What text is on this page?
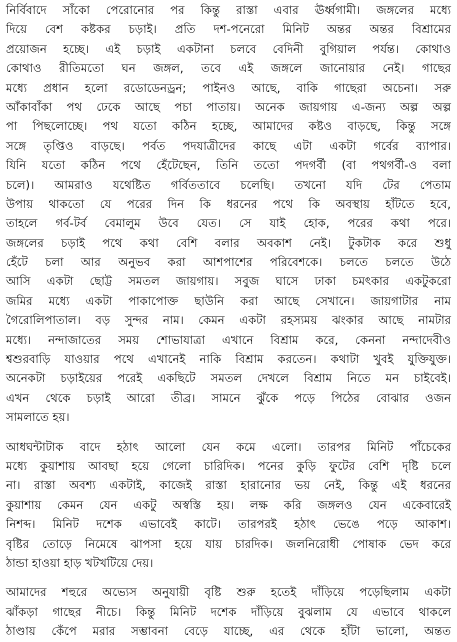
নির্বিবাদে সাঁকো পেরোনোর পর কিন্তু রাস্তা এবার ঊর্ধ্বগামী। জঙ্গলের মধ্যে
দিয়ে বেশ কষ্টকর চড়াই। প্রতি দশ-পনেরো মিনিট অন্তর অন্তর বিশ্রামের
প্রয়োজন হচ্ছে। এই চড়াই একটানা চলবে বেদিনী বুগিয়াল পর্যন্ত। কোথাও
কোথাও রীতিমতো ঘন জঙ্গল, তবে এই জঙ্গলে জানোয়ার নেই। গাছের
মধ্যে প্রধান হলো রডোডেনড্রন; পাইনও আছে, বাকি গাছেরা অচেনা। সরু
আঁকাবাঁকা পথ ঢেকে আছে পচা পাতায়। অনেক জায়গায় এ-জন্য অল্প অল্প
পা পিছলোচ্ছে। পথ যতো কঠিন হচ্ছে, আমাদের কষ্টও বাড়ছে, কিন্তু সঙ্গে
সঙ্গে তৃপ্তিও বাড়ছে। পর্বত পদযাত্রীদের কাছে এটা একটা গর্বের ব্যাপার।
যিনি যতো কঠিন পথে হেঁটেছেন, তিনি ততো পদগর্বী (বা পথগর্বী-ও বলা
চলে)। আমরাও যথেষ্টিত গর্বিততাবে চলেছি। তখনো যদি টের পেতাম
উপায় থাকতো যে পরের দিন কি ধরনের পথে কি অবস্থায় হাঁটতে হবে,
তাহলে গর্ব-টর্ব বেমালুম উবে যেত। সে যাই হোক, পরের কথা পরে।
জঙ্গলের চড়াই পথে কথা বেশি বলার অবকাশ নেই। টুকটাক করে শুধু
হেঁটে চলা আর অনুভব করা আশপাশের পরিবেশকে। চলতে চলতে উঠে
আসি একটা ছোট্ট সমতল জায়গায়। সবুজ ঘাসে ঢাকা চমৎকার একটুকরো
জমির মধ্যে একটা পাকাপোক্ত ছাউনি করা আছে সেখানে। জায়গাটার নাম
গৈরোলিপাতাল। বড় সুন্দর নাম। কেমন একটা রহস্যময় ঝংকার আছে নামটার
মধ্যে। নন্দাজাতের সময় শোভাযাত্রা এখানে বিশ্রাম করে, কেননা নন্দাদেবীও
শ্বশুরবাড়ি যাওয়ার পথে এখানেই নাকি বিশ্রাম করতেন। কথাটা খুবই যুক্তিযুক্ত।
অনেকটা চড়াইয়ের পরেই একছিটে সমতল দেখলে বিশ্রাম নিতে মন চাইবেই।
এখন থেকে চড়াই আরো তীব্র। সামনে ঝুঁকে পড়ে পিঠের বোঝার ওজন
সামলাতে হয়।
আধঘন্টাটাক বাদে হঠাৎ আলো যেন কমে এলো। তারপর মিনিট পাঁচেকের
মধ্যে কুয়াশায় আবছা হয়ে গেলো চারিদিক। পনের কুড়ি ফুটের বেশি দৃষ্টি চলে
না। রাস্তা অবশ্য একটাই, কাজেই রাস্তা হারানোর ভয় নেই, কিন্তু এই ধরনের
কুয়াশায় কেমন যেন একটু অস্বস্তি হয়। লক্ষ করি জঙ্গলও যেন একেবারেই
নিশব্দ। মিনিট দশেক এভাবেই কাটে। তারপরই হঠাৎ ভেঙে পড়ে আকাশ।
বৃষ্টির তোড়ে নিমেষে ঝাপসা হয়ে যায় চারদিক। জলনিরোধী পোষাক ভেদ করে
ঠান্ডা হাওয়া হাড় খটখটিয়ে দেয়।
আমাদের শহুরে অভ্যেস অনুযায়ী বৃষ্টি শুরু হতেই দাঁড়িয়ে পড়েছিলাম একটা
ঝাঁকড়া গাছের নীচে। কিন্তু মিনিট দশেক দাঁড়িয়ে বুঝলাম যে এভাবে থাকলে
ঠাণ্ডায় কেঁপে মরার সম্ভাবনা বেড়ে যাচ্ছে, এর থেকে হাঁটা ভালো, অন্তত
